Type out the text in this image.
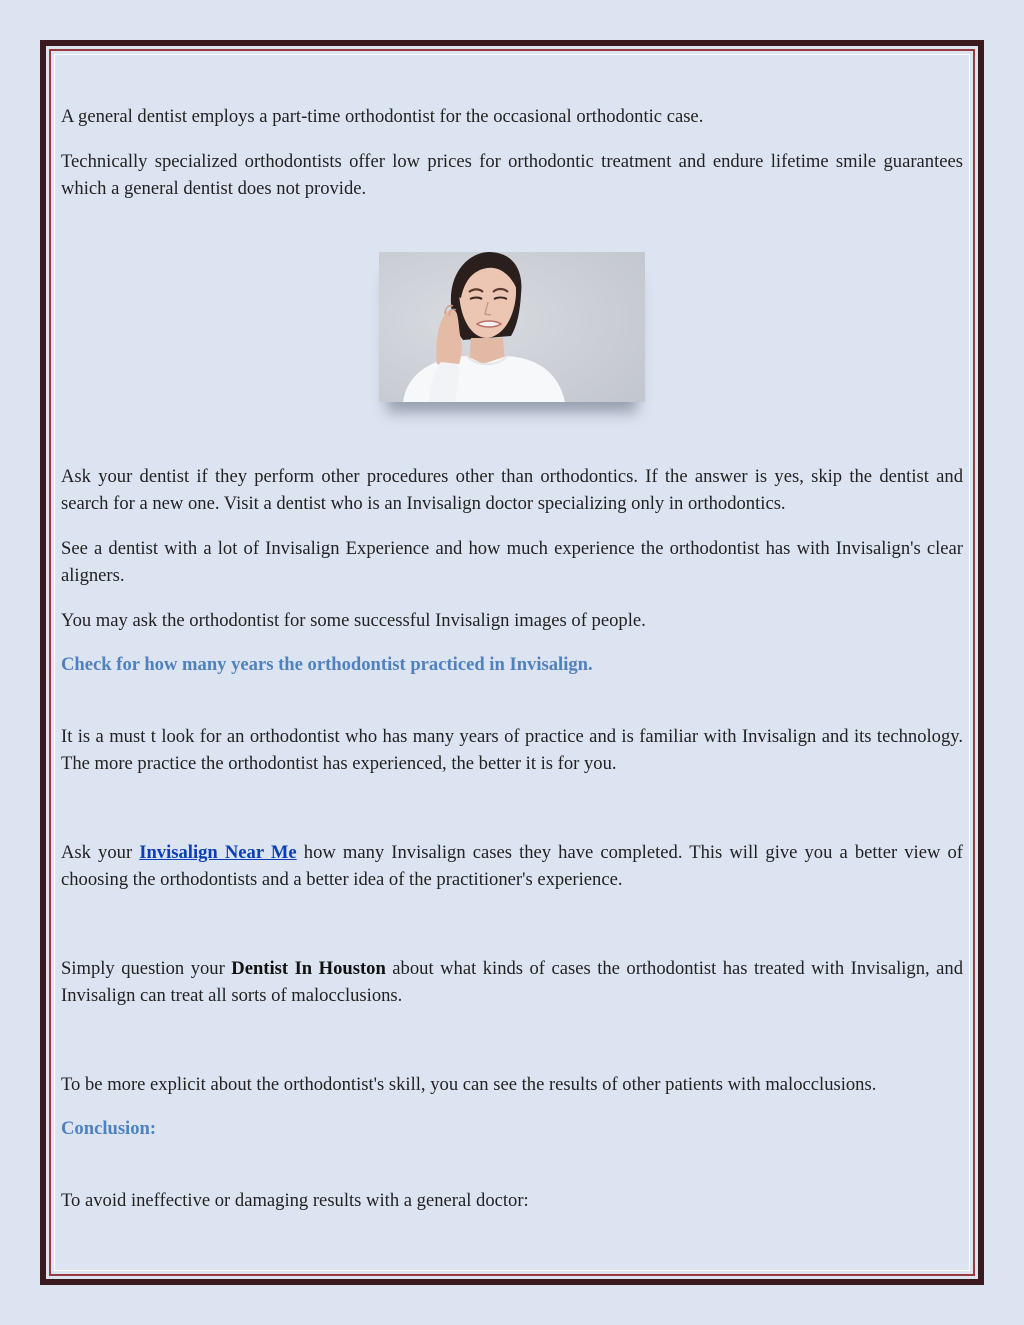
A general dentist employs a part-time orthodontist for the occasional orthodontic case.

Technically specialized orthodontists offer low prices for orthodontic treatment and endure lifetime smile guarantees which a general dentist does not provide.

Ask your dentist if they perform other procedures other than orthodontics. If the answer is yes, skip the dentist and search for a new one. Visit a dentist who is an Invisalign doctor specializing only in orthodontics.

See a dentist with a lot of Invisalign Experience and how much experience the orthodontist has with Invisalign's clear aligners.

You may ask the orthodontist for some successful Invisalign images of people.

Check for how many years the orthodontist practiced in Invisalign.

It is a must t look for an orthodontist who has many years of practice and is familiar with Invisalign and its technology. The more practice the orthodontist has experienced, the better it is for you.

Ask your Invisalign Near Me how many Invisalign cases they have completed. This will give you a better view of choosing the orthodontists and a better idea of the practitioner's experience.

Simply question your Dentist In Houston about what kinds of cases the orthodontist has treated with Invisalign, and Invisalign can treat all sorts of malocclusions.

To be more explicit about the orthodontist's skill, you can see the results of other patients with malocclusions.

Conclusion:

To avoid ineffective or damaging results with a general doctor:
